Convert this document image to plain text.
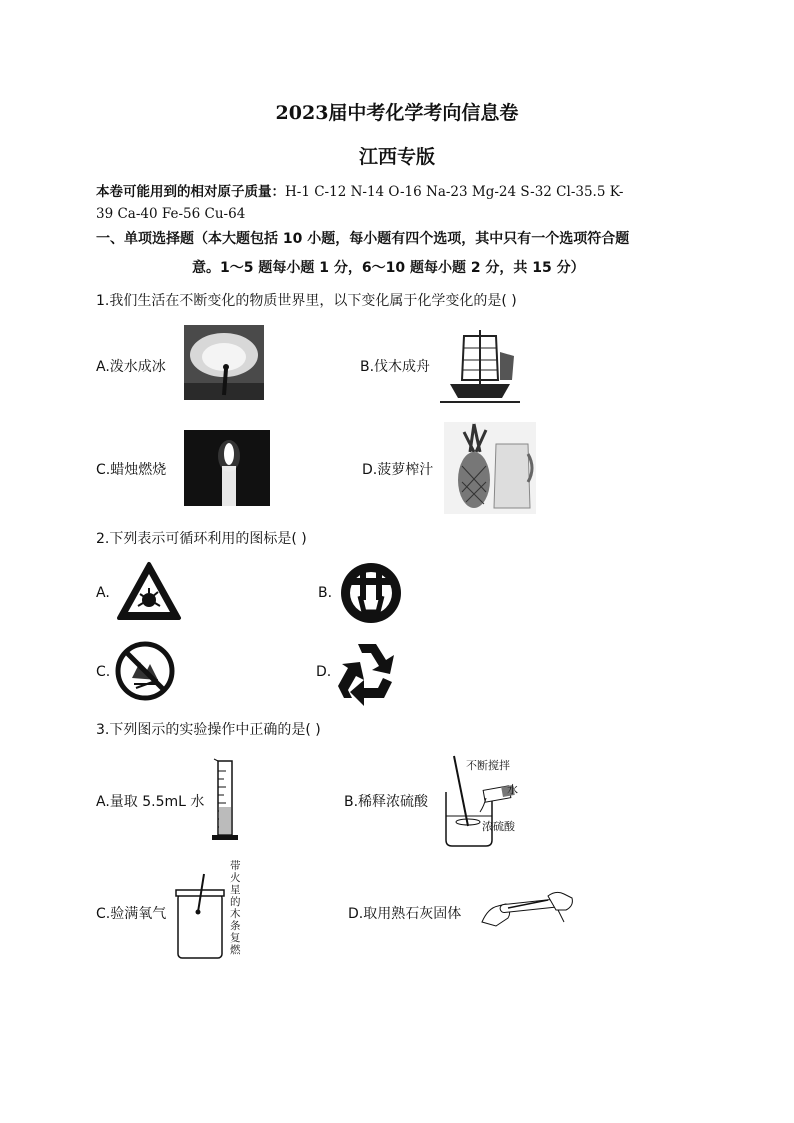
2023届中考化学考向信息卷
江西专版
本卷可能用到的相对原子质量：H-1 C-12 N-14 O-16 Na-23 Mg-24 S-32 Cl-35.5 K-
39 Ca-40 Fe-56 Cu-64
一、单项选择题（本大题包括 10 小题，每小题有四个选项，其中只有一个选项符合题
意。1～5 题每小题 1 分，6～10 题每小题 2 分，共 15 分）
1.我们生活在不断变化的物质世界里，以下变化属于化学变化的是( )
A.泼水成冰	B.伐木成舟
C.蜡烛燃烧	D.菠萝榨汁
2.下列表示可循环利用的图标是( )
A.	B.
C.	D.
3.下列图示的实验操作中正确的是( )
A.量取 5.5mL 水	B.稀释浓硫酸
不断搅拌
水
浓硫酸
C.验满氧气
带火星的木条复燃
D.取用熟石灰固体
